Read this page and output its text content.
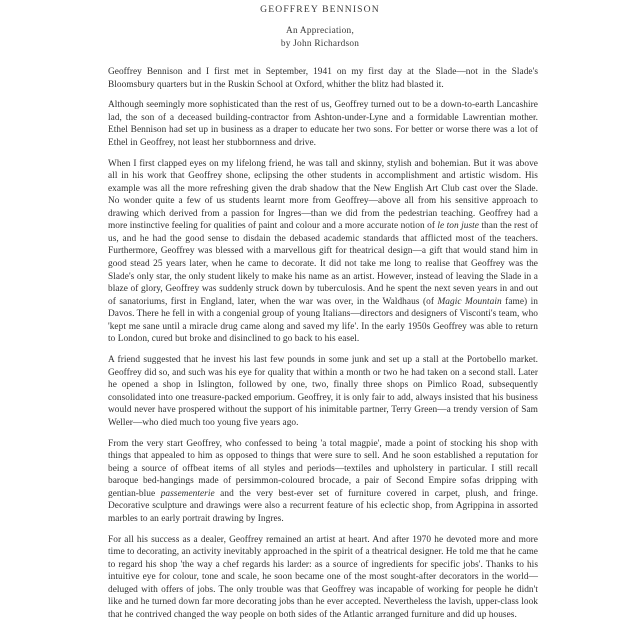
GEOFFREY BENNISON
An Appreciation,
by John Richardson

Geoffrey Bennison and I first met in September, 1941 on my first day at the Slade—not in the Slade's Bloomsbury quarters but in the Ruskin School at Oxford, whither the blitz had blasted it.

Although seemingly more sophisticated than the rest of us, Geoffrey turned out to be a down-to-earth Lancashire lad, the son of a deceased building-contractor from Ashton-under-Lyne and a formidable Lawrentian mother. Ethel Bennison had set up in business as a draper to educate her two sons. For better or worse there was a lot of Ethel in Geoffrey, not least her stubbornness and drive.

When I first clapped eyes on my lifelong friend, he was tall and skinny, stylish and bohemian. But it was above all in his work that Geoffrey shone, eclipsing the other students in accomplishment and artistic wisdom. His example was all the more refreshing given the drab shadow that the New English Art Club cast over the Slade. No wonder quite a few of us students learnt more from Geoffrey—above all from his sensitive approach to drawing which derived from a passion for Ingres—than we did from the pedestrian teaching. Geoffrey had a more instinctive feeling for qualities of paint and colour and a more accurate notion of le ton juste than the rest of us, and he had the good sense to disdain the debased academic standards that afflicted most of the teachers. Furthermore, Geoffrey was blessed with a marvellous gift for theatrical design—a gift that would stand him in good stead 25 years later, when he came to decorate. It did not take me long to realise that Geoffrey was the Slade's only star, the only student likely to make his name as an artist. However, instead of leaving the Slade in a blaze of glory, Geoffrey was suddenly struck down by tuberculosis. And he spent the next seven years in and out of sanatoriums, first in England, later, when the war was over, in the Waldhaus (of Magic Mountain fame) in Davos. There he fell in with a congenial group of young Italians—directors and designers of Visconti's team, who 'kept me sane until a miracle drug came along and saved my life'. In the early 1950s Geoffrey was able to return to London, cured but broke and disinclined to go back to his easel.

A friend suggested that he invest his last few pounds in some junk and set up a stall at the Portobello market. Geoffrey did so, and such was his eye for quality that within a month or two he had taken on a second stall. Later he opened a shop in Islington, followed by one, two, finally three shops on Pimlico Road, subsequently consolidated into one treasure-packed emporium. Geoffrey, it is only fair to add, always insisted that his business would never have prospered without the support of his inimitable partner, Terry Green—a trendy version of Sam Weller—who died much too young five years ago.

From the very start Geoffrey, who confessed to being 'a total magpie', made a point of stocking his shop with things that appealed to him as opposed to things that were sure to sell. And he soon established a reputation for being a source of offbeat items of all styles and periods—textiles and upholstery in particular. I still recall baroque bed-hangings made of persimmon-coloured brocade, a pair of Second Empire sofas dripping with gentian-blue passementerie and the very best-ever set of furniture covered in carpet, plush, and fringe. Decorative sculpture and drawings were also a recurrent feature of his eclectic shop, from Agrippina in assorted marbles to an early portrait drawing by Ingres.

For all his success as a dealer, Geoffrey remained an artist at heart. And after 1970 he devoted more and more time to decorating, an activity inevitably approached in the spirit of a theatrical designer. He told me that he came to regard his shop 'the way a chef regards his larder: as a source of ingredients for specific jobs'. Thanks to his intuitive eye for colour, tone and scale, he soon became one of the most sought-after decorators in the world—deluged with offers of jobs. The only trouble was that Geoffrey was incapable of working for people he didn't like and he turned down far more decorating jobs than he ever accepted. Nevertheless the lavish, upper-class look that he contrived changed the way people on both sides of the Atlantic arranged furniture and did up houses.
